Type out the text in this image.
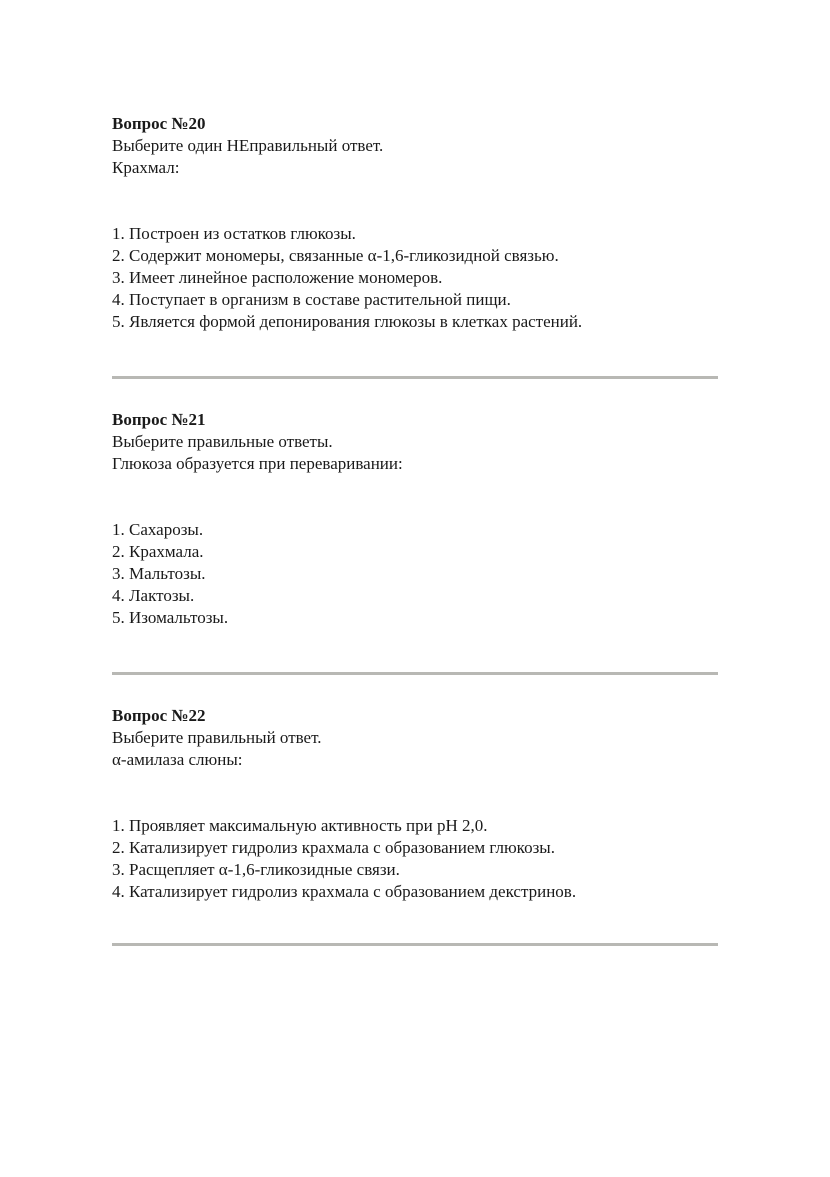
Вопрос №20

Выберите один НЕправильный ответ.

Крахмал:

1. Построен из остатков глюкозы.
2. Содержит мономеры, связанные α-1,6-гликозидной связью.
3. Имеет линейное расположение мономеров.
4. Поступает в организм в составе растительной пищи.
5. Является формой депонирования глюкозы в клетках растений.

Вопрос №21

Выберите правильные ответы.

Глюкоза образуется при переваривании:

1. Сахарозы.
2. Крахмала.
3. Мальтозы.
4. Лактозы.
5. Изомальтозы.

Вопрос №22

Выберите правильный ответ.

α-амилаза слюны:

1. Проявляет максимальную активность при pH 2,0.
2. Катализирует гидролиз крахмала с образованием глюкозы.
3. Расщепляет α-1,6-гликозидные связи.
4. Катализирует гидролиз крахмала с образованием декстринов.
